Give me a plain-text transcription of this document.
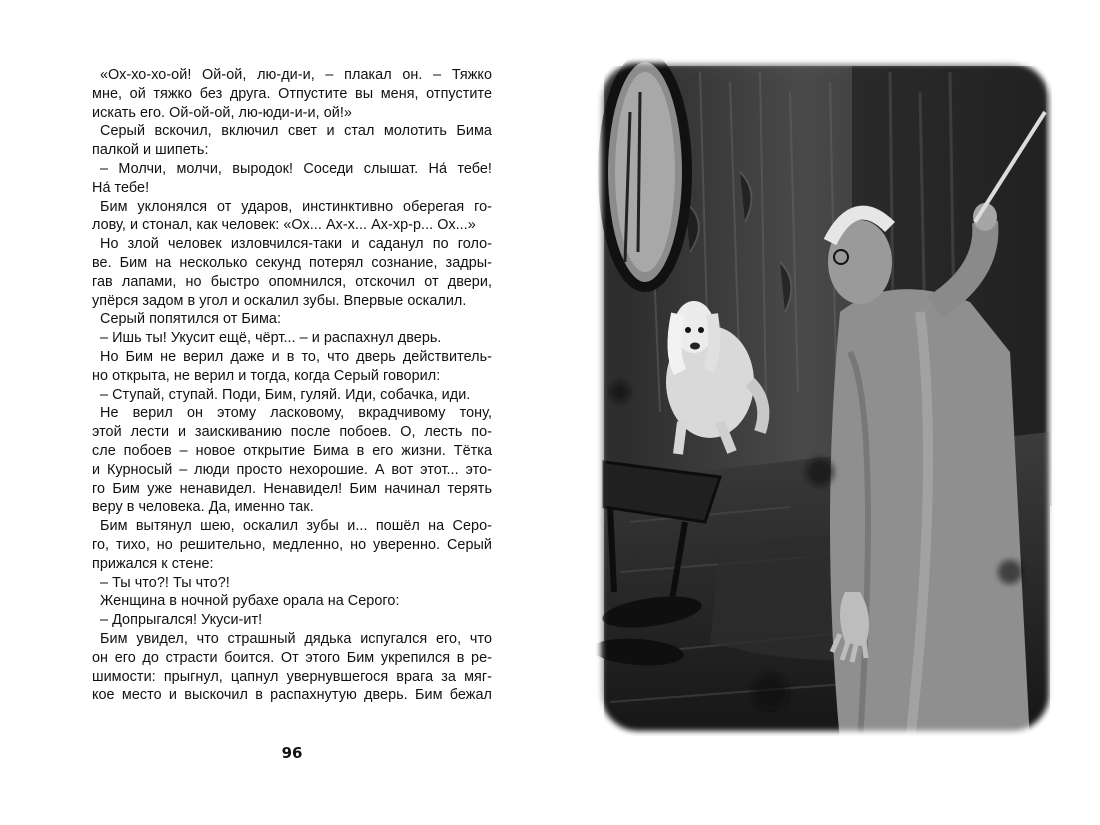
«Ох-хо-хо-ой! Ой-ой, лю-ди-и, – плакал он. – Тяжко

мне, ой тяжко без друга. Отпустите вы меня, отпустите

искать его. Ой-ой-ой, лю-юди-и-и, ой!»

Серый вскочил, включил свет и стал молотить Бима

палкой и шипеть:

– Молчи, молчи, выродок! Соседи слышат. На́ тебе!

На́ тебе!

Бим уклонялся от ударов, инстинктивно оберегая го-

лову, и стонал, как человек: «Ох... Ах-х... Ах-хр-р... Ох...»

Но злой человек изловчился-таки и саданул по голо-

ве. Бим на несколько секунд потерял сознание, задры-

гав лапами, но быстро опомнился, отскочил от двери,

упёрся задом в угол и оскалил зубы. Впервые оскалил.

Серый попятился от Бима:

– Ишь ты! Укусит ещё, чёрт... – и распахнул дверь.

Но Бим не верил даже и в то, что дверь действитель-

но открыта, не верил и тогда, когда Серый говорил:

– Ступай, ступай. Поди, Бим, гуляй. Иди, собачка, иди.

Не верил он этому ласковому, вкрадчивому тону,

этой лести и заискиванию после побоев. О, лесть по-

сле побоев – новое открытие Бима в его жизни. Тётка

и Курносый – люди просто нехорошие. А вот этот... это-

го Бим уже ненавидел. Ненавидел! Бим начинал терять

веру в человека. Да, именно так.

Бим вытянул шею, оскалил зубы и... пошёл на Серо-

го, тихо, но решительно, медленно, но уверенно. Серый

прижался к стене:

– Ты что?! Ты что?!

Женщина в ночной рубахе орала на Серого:

– Допрыгался! Укуси-ит!

Бим увидел, что страшный дядька испугался его, что

он его до страсти боится. От этого Бим укрепился в ре-

шимости: прыгнул, цапнул увернувшегося врага за мяг-

кое место и выскочил в распахнутую дверь. Бим бежал

96
